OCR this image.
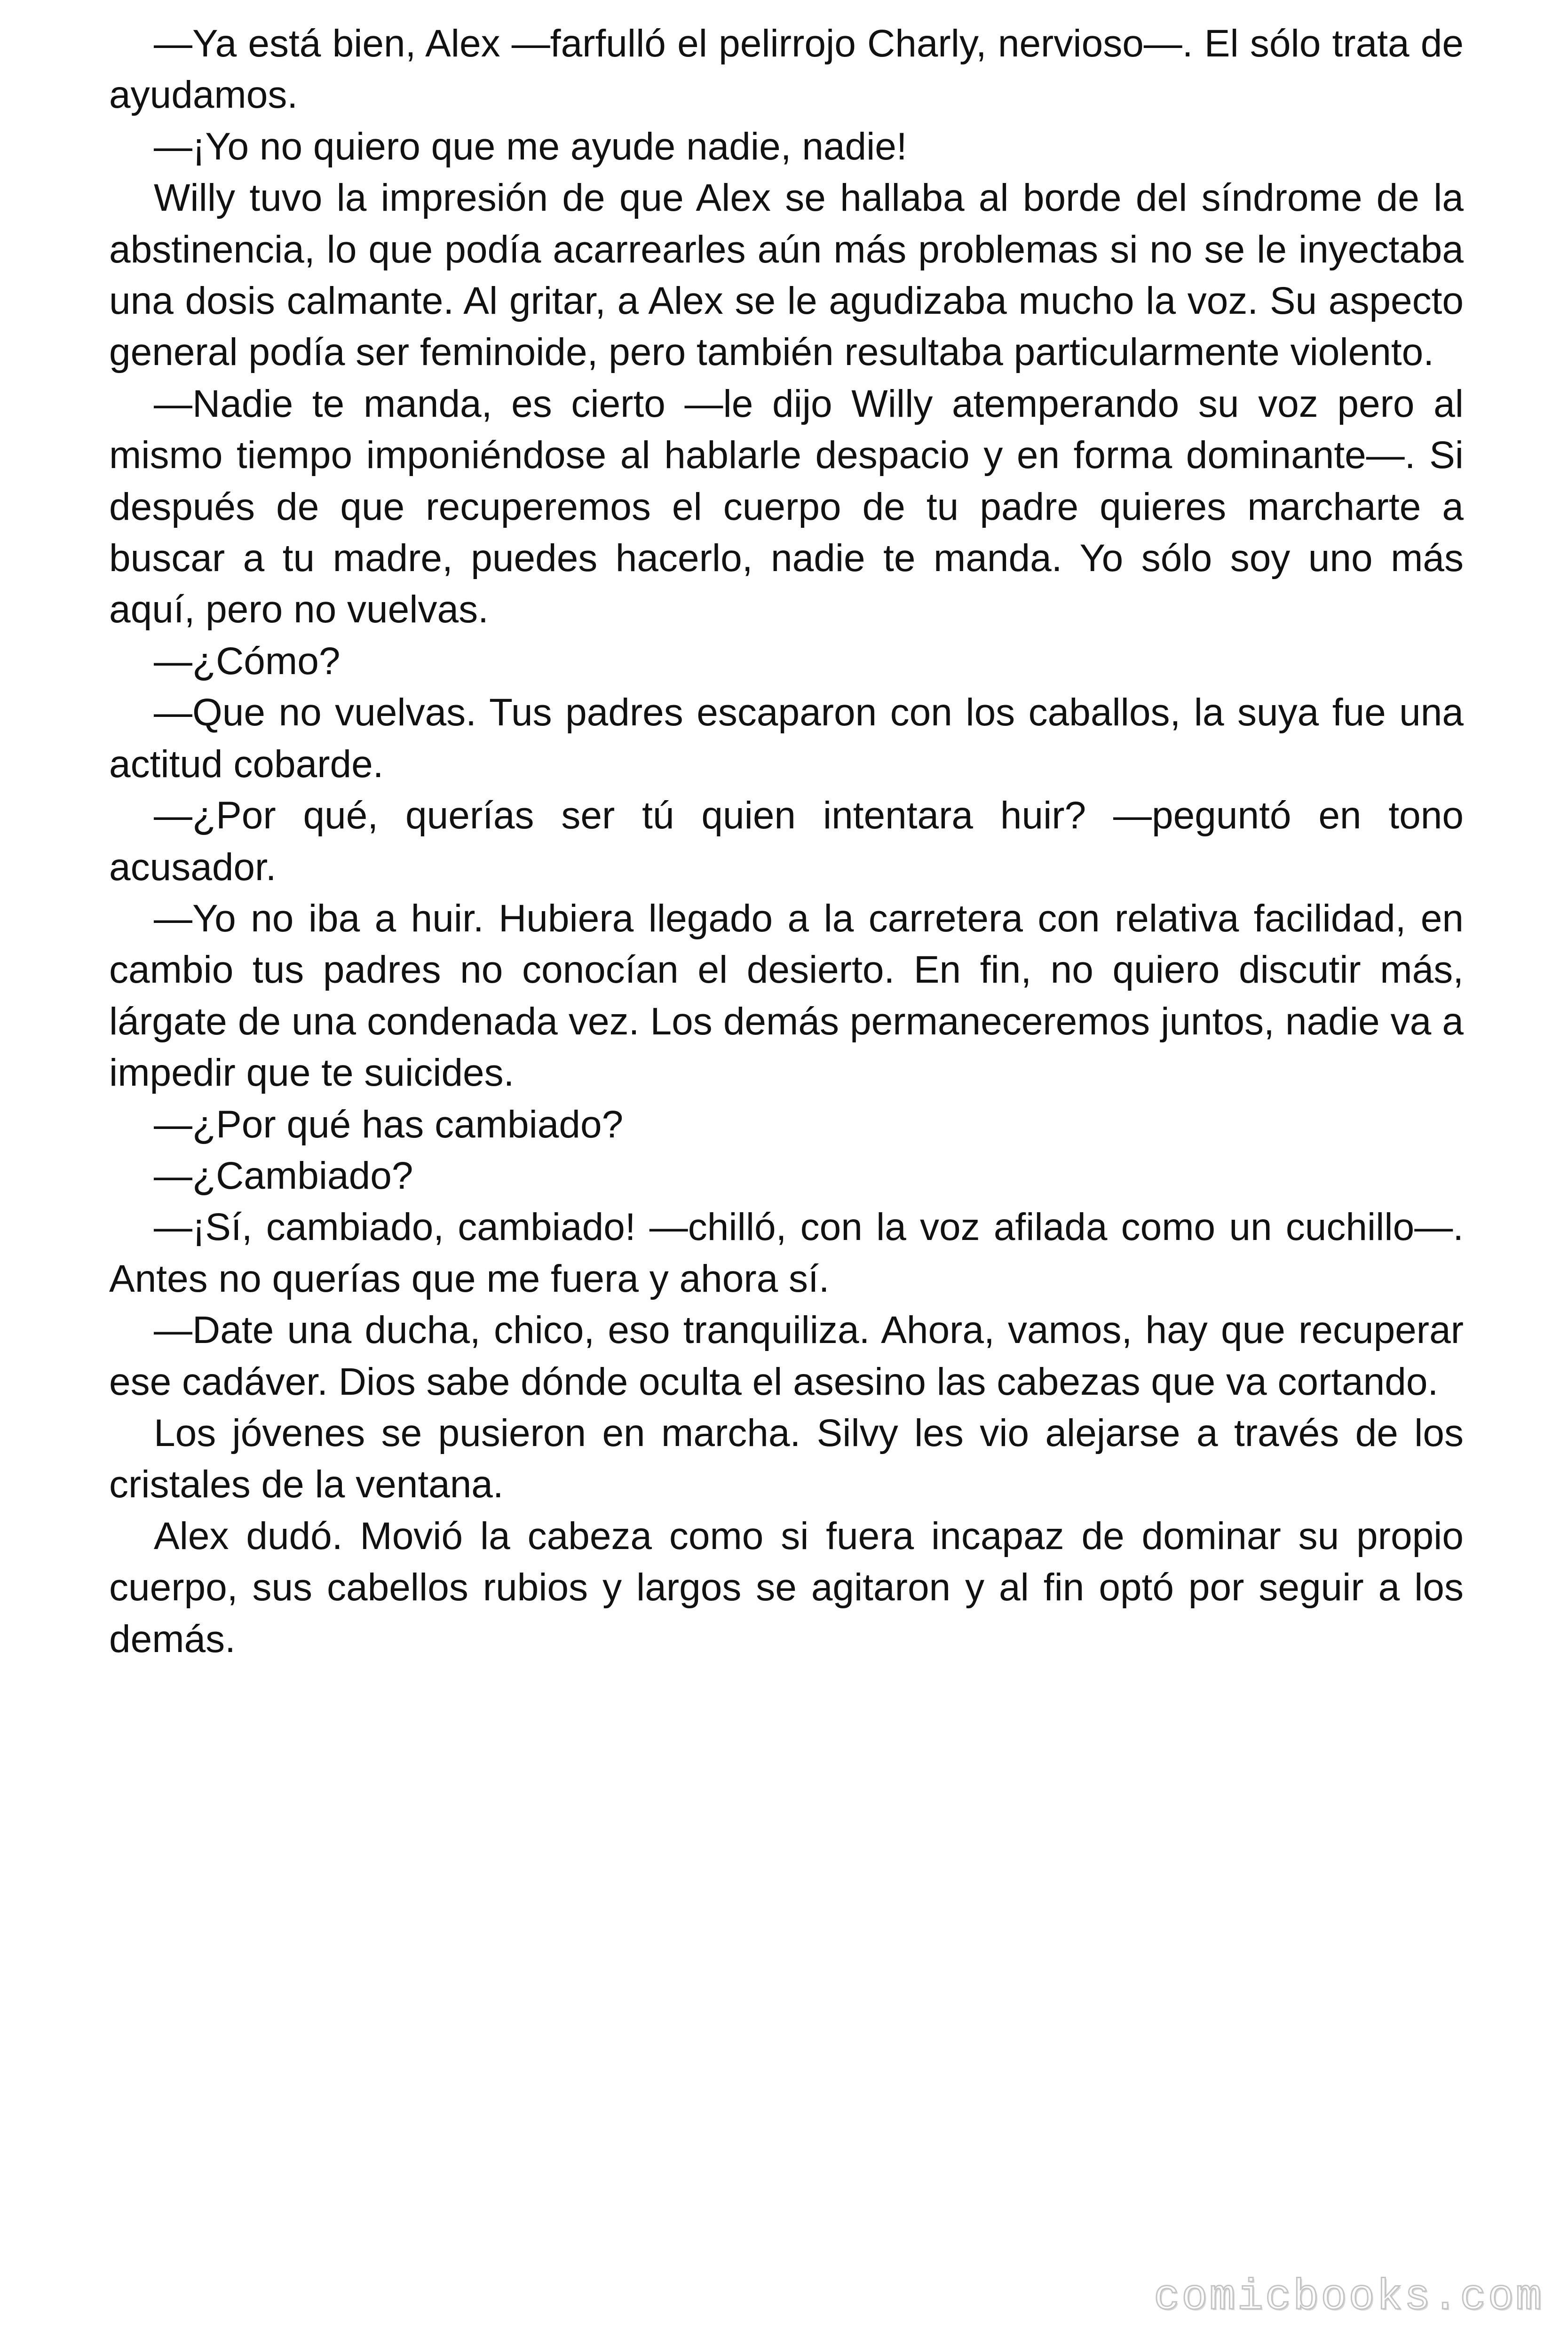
—Ya está bien, Alex —farfulló el pelirrojo Charly, nervioso—. El sólo trata de ayudamos.

—¡Yo no quiero que me ayude nadie, nadie!

Willy tuvo la impresión de que Alex se hallaba al borde del síndrome de la abstinencia, lo que podía acarrearles aún más problemas si no se le inyectaba una dosis calmante. Al gritar, a Alex se le agudizaba mucho la voz. Su aspecto general podía ser feminoide, pero también resultaba particularmente violento.

—Nadie te manda, es cierto —le dijo Willy atemperando su voz pero al mismo tiempo imponiéndose al hablarle despacio y en forma dominante—. Si después de que recuperemos el cuerpo de tu padre quieres marcharte a buscar a tu madre, puedes hacerlo, nadie te manda. Yo sólo soy uno más aquí, pero no vuelvas.

—¿Cómo?

—Que no vuelvas. Tus padres escaparon con los caballos, la suya fue una actitud cobarde.

—¿Por qué, querías ser tú quien intentara huir? —peguntó en tono acusador.

—Yo no iba a huir. Hubiera llegado a la carretera con relativa facilidad, en cambio tus padres no conocían el desierto. En fin, no quiero discutir más, lárgate de una condenada vez. Los demás permaneceremos juntos, nadie va a impedir que te suicides.

—¿Por qué has cambiado?

—¿Cambiado?

—¡Sí, cambiado, cambiado! —chilló, con la voz afilada como un cuchillo—. Antes no querías que me fuera y ahora sí.

—Date una ducha, chico, eso tranquiliza. Ahora, vamos, hay que recuperar ese cadáver. Dios sabe dónde oculta el asesino las cabezas que va cortando.

Los jóvenes se pusieron en marcha. Silvy les vio alejarse a través de los cristales de la ventana.

Alex dudó. Movió la cabeza como si fuera incapaz de dominar su propio cuerpo, sus cabellos rubios y largos se agitaron y al fin optó por seguir a los demás.

comicbooks.com
